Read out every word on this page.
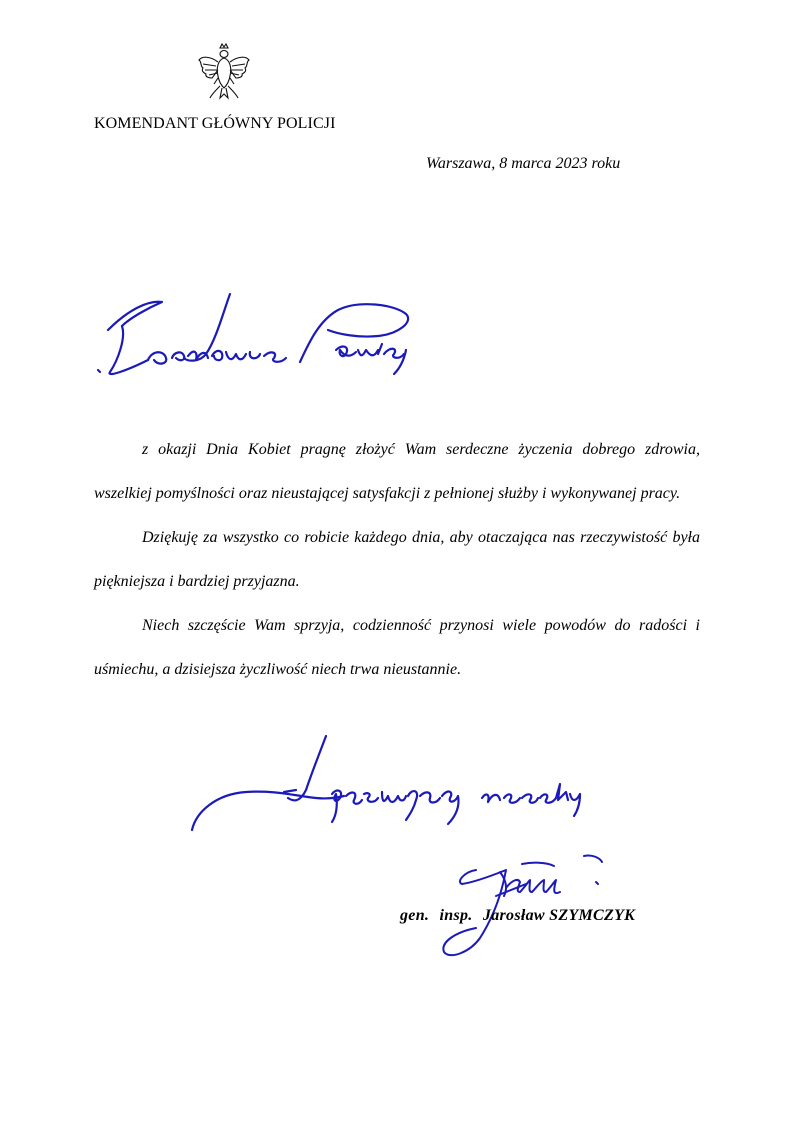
KOMENDANT GŁÓWNY POLICJI
Warszawa, 8 marca 2023 roku

z okazji Dnia Kobiet pragnę złożyć Wam serdeczne życzenia dobrego zdrowia, wszelkiej pomyślności oraz nieustającej satysfakcji z pełnionej służby i wykonywanej pracy.

Dziękuję za wszystko co robicie każdego dnia, aby otaczająca nas rzeczywistość była piękniejsza i bardziej przyjazna.

Niech szczęście Wam sprzyja, codzienność przynosi wiele powodów do radości i uśmiechu, a dzisiejsza życzliwość niech trwa nieustannie.

gen. insp. Jarosław SZYMCZYK
